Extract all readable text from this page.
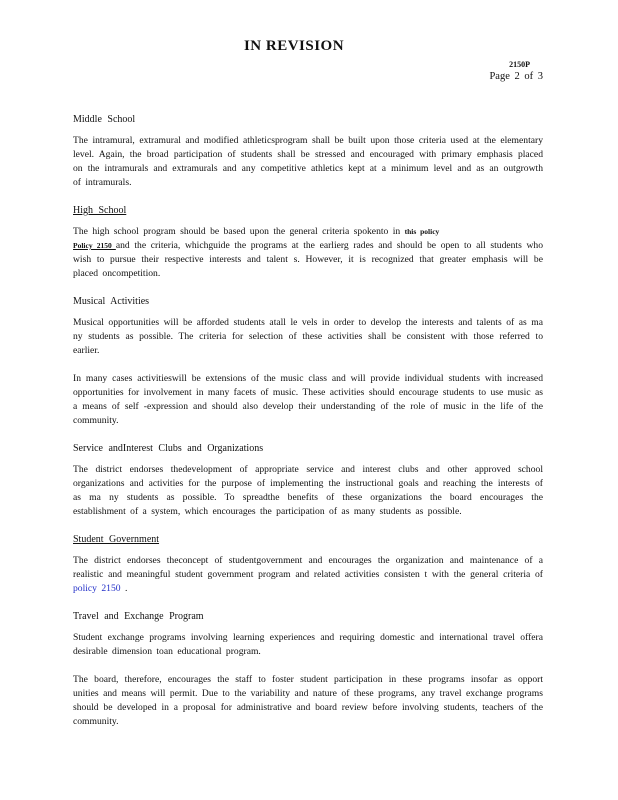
IN REVISION
2150P
Page 2 of 3
Middle School

The intramural, extramural and modified athleticsprogram shall be built upon those criteria used at the elementary level. Again, the broad participation of students shall be stressed and encouraged with primary emphasis placed on the intramurals and extramurals and any competitive athletics kept at a minimum level and as an outgrowth of intramurals.

High School

The high school program should be based upon the general criteria spokento in this policy
Policy 2150 and the criteria, whichguide the programs at the earlierg rades and should be open to all students who wish to pursue their respective interests and talent s. However, it is recognized that greater emphasis will be placed oncompetition.

Musical Activities

Musical opportunities will be afforded students atall le vels in order to develop the interests and talents of as ma ny students as possible. The criteria for selection of these activities shall be consistent with those referred to earlier.

In many cases activitieswill be extensions of the music class and will provide individual students with increased opportunities for involvement in many facets of music. These activities should encourage students to use music as a means of self -expression and should also develop their understanding of the role of music in the life of the community.

Service andInterest Clubs and Organizations

The district endorses thedevelopment of appropriate service and interest clubs and other approved school organizations and activities for the purpose of implementing the instructional goals and reaching the interests of as ma ny students as possible. To spreadthe benefits of these organizations the board encourages the establishment of a system, which encourages the participation of as many students as possible.

Student Government

The district endorses theconcept of studentgovernment and encourages the organization and maintenance of a realistic and meaningful student government program and related activities consisten t with the general criteria of policy 2150 .

Travel and Exchange Program

Student exchange programs involving learning experiences and requiring domestic and international travel offera desirable dimension toan educational program.

The board, therefore, encourages the staff to foster student participation in these programs insofar as opport unities and means will permit. Due to the variability and nature of these programs, any travel exchange programs should be developed in a proposal for administrative and board review before involving students, teachers of the community.
